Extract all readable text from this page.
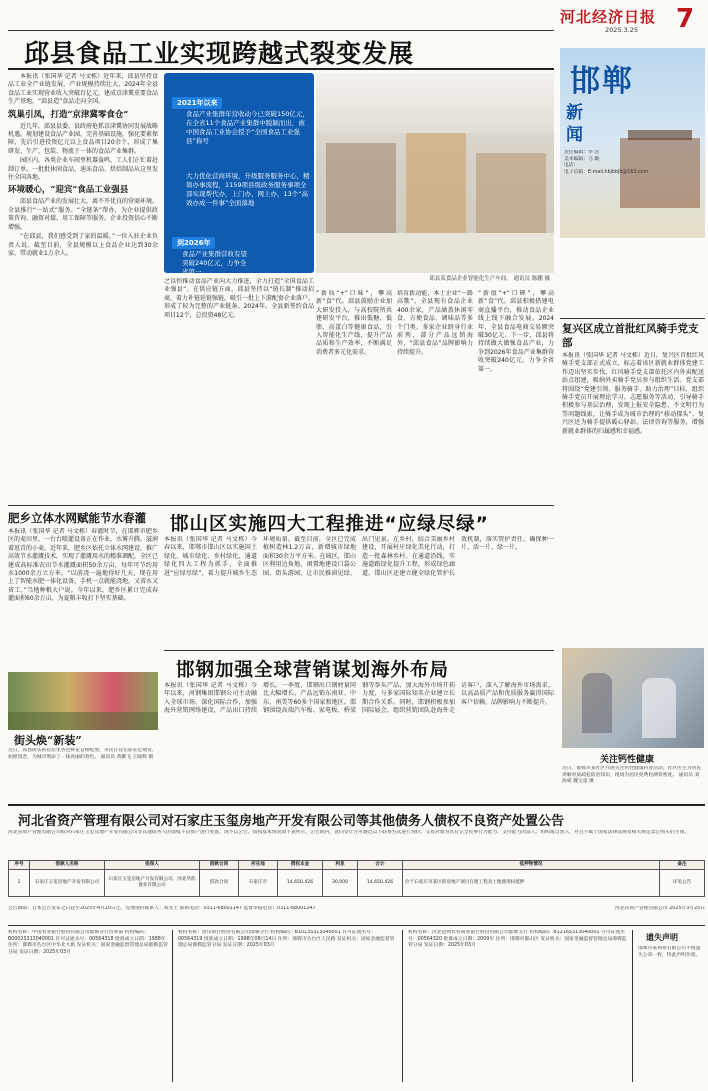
河北经济日报
2025.3.25 7
邱县食品工业实现跨越式裂变发展

本报讯（张国华 记者 马文栋）近年来，邱县坚持食品工业全产业链发展，产业规模持续壮大，2024年全县食品工业实现营业收入突破百亿元，建成京津冀重要食品生产基地，“邱县造”食品走向全国。

筑巢引凤，打造“京津冀零食仓”

近几年，邱县县委、县政府抢抓京津冀协同发展战略机遇，规划建设食品产业园，完善基础设施，强化要素保障，先后引进投资亿元以上食品项目20余个，形成了集研发、生产、包装、物流于一体的食品产业集群。

园区内，各类企业车间里机器轰鸣，工人们正忙着赶制订单。一批批休闲食品、速冻食品、烘焙制品从这里发往全国各地。

环境暖心，“迎宾”食品工业强县

邱县食品产业的发展壮大，离不开优良的营商环境。全县推行“一站式”服务、“全链条”帮办，为企业提供政策咨询、融资对接、用工保障等服务。企业投资信心不断增强。

“在邱县，我们感受到了家的温暖。”一位入驻企业负责人说。截至目前，全县规模以上食品企业达到30余家，带动就业1万余人。

2021年以来
食品产业集群年营收动今已突破150亿元，在全省11个食品产业集群中脱颖而出，被中国食品工业协会授予“全国食品工业强县”称号
大力优化营商环境，升级服务服务中心，精简办事流程，1159项县级政务服务事项全部实现帮代办，上门办、网上办，13个“高效办成一件事”全面落地
到2026年
食品产业集群营收有望突破240亿元，力争全省第一
邱县某食品企业智能化生产车间。 通讯员 陈鹏 摄
之以恒推动食品产业向大力推进，全力打造“全国食品工业强县”。在供应链方面，邱县坚持以“链长制”推动招商，着力补链延链强链，吸引一批上下游配套企业落户，形成了较为完整的产业链条。2024年，全县新签约食品项目12个，总投资48亿元。
“新质”+“口味”，攀高新“食”代。邱县鼓励企业加大研发投入，与高校院所共建研发平台，推出低糖、低脂、高蛋白等健康食品，引入智能化生产线，提升产品品质和生产效率，不断满足消费者多元化需求。
培育新动能，本土企业“一路高歌”。全县现有食品企业400余家，产品涵盖休闲零食、方便食品、调味品等多个门类，多家企业跻身行业前列，部分产品远销海外，“邱县食品”品牌影响力持续提升。
“新值”+“口碑”，攀高新“食”代。邱县积极搭建电商直播平台，推动食品企业线上线下融合发展。2024年，全县食品电商交易额突破30亿元。下一步，邱县将持续做大做强食品产业，力争到2026年食品产业集群营收突破240亿元，力争全省第一。
邯郸
新闻
责任编辑：李 达
美术编辑：马 璐
电话：
电子信箱：E-mail.hbjbbjb@163.com
复兴区成立首批红风骑手党支部
本报讯（张国华 记者 马文栋）近日，复兴区首批红风骑手党支部正式成立，标志着该区新就业群体党建工作迈出坚实步伐。红风骑手党支部依托区内外卖配送站点组建，吸纳外卖骑手党员参与组织生活。党支部将围绕“党建引领、服务骑手、助力治理”目标，组织骑手党员开展理论学习、志愿服务等活动，引导骑手积极参与基层治理，发现上报安全隐患、不文明行为等问题线索，让骑手成为城市治理的“移动探头”。复兴区还为骑手提供暖心驿站、法律咨询等服务，增强新就业群体的归属感和幸福感。
关注钙性健康
近日，邯郸市某社区开展关注钙性健康科普活动，社区医生为居民讲解骨质疏松防治知识，现场为居民免费检测骨密度。 通讯员 刘海威 魏宝童 摄
肥乡立体水网赋能节水春灌
本报讯（张国华 记者 马文栋）春灌时节，在邯郸市肥乡区的麦田里，一台台喷灌设备正在作业，水雾升腾，滋润着返青的小麦。近年来，肥乡区依托立体水网建设，推广高效节水灌溉技术，实现了灌溉用水的精准调配。全区已建成高标准农田节水灌溉面积50余万亩，每年可节约用水1000余万立方米。“以前浇一遍地得好几天，现在用上了智能水肥一体化设备，手机一点就能浇地，又省水又省工。”当地种粮大户说。今年以来，肥乡区累计完成春灌面积60余万亩，为夏粮丰收打下坚实基础。
街头焕“新装”
近日，邱县街头的花坛里各色鲜花竞相绽放，市民在花坛前驻足观赏、拍照留念，为城市增添了一抹亮丽的春色。 通讯员 黄鹏飞 王晓辉 摄
邯山区实施四大工程推进“应绿尽绿”
本报讯（张国华 记者 马文栋）今春以来，邯郸市邯山区以实施国土绿化、城市绿化、乡村绿化、通道绿化四大工程为抓手，全面推进“应绿尽绿”，着力提升城乡生态环境质量。截至目前，全区已完成植树造林1.2万亩，新增城市绿地面积30余万平方米。在城区，邯山区利用边角地、闲置地建设口袋公园、街头游园，让市民推窗见绿、出门见景。在乡村，结合美丽乡村建设，开展村庄绿化美化行动，打造一批森林乡村。在通道沿线，实施道路绿化提升工程，形成绿色廊道。邯山区还建立健全绿化管护长效机制，落实管护责任，确保种一片、活一片、绿一片。
邯钢加强全球营销谋划海外布局
本报讯（张国华 记者 马文栋）今年以来，河钢集团邯钢公司主动融入全球市场，深化国际合作，加强海外营销网络建设，产品出口持续增长。一季度，邯钢出口钢材量同比大幅增长，产品远销东南亚、中东、南美等60多个国家和地区。邯钢围绕高端汽车板、家电板、桥梁钢等拳头产品，加大海外市场开拓力度，与多家国际知名企业建立长期合作关系。同时，邯钢积极参加国际展会，组织营销团队赴海外走访客户，深入了解海外市场需求，以高品质产品和优质服务赢得国际客户信赖，品牌影响力不断提升。
河北省资产管理有限公司对石家庄玉玺房地产开发有限公司等其他债务人债权不良资产处置公告
河北省资产管理有限公司拟对石家庄玉玺房地产开发有限公司等其他债务人的债权不良资产进行处置，现予以公告。债权基本情况如下表所示，公告期内，意向受让方可通过以下联系方式进行询价。交易对象为具有完全民事行为能力、支付能力的法人、组织或自然人，并且不属于国家法律法规及相关规定禁止购买的主体。
序号	借款人名称	担保人	借款合同	所在地	债权本金	利息	合计	抵押物情况	备注
1	石家庄玉玺房地产开发有限公司	石家庄玉玺房地产开发有限公司、河北华韵置业有限公司	借款合同	石家庄市	14,650,426	30,000	14,650,426	位于石家庄市某区的房地产项目在建工程及土地使用权抵押	详见公告
公告期限：自本公告发布之日起至2025年4月20日止。受理询价联系人：刘女士 联系电话：0311-68001147 监督举报电话：0311-68001247	河北省资产管理有限公司 2025年3月25日
机构名称：中国农业银行股份有限公司邯郸分行营业部 机构编码：B0002S313040001 许可证流水号：00564318 批准成立日期：1988年 住所：邯郸市丛台区中华北大街 发证机关：国家金融监督管理总局邯郸监管分局 发证日期：2025年03月
机构名称：唐山银行股份有限公司邯郸分行 机构编码：B1013S313040001 许可证流水号：00564319 批准成立日期：1998年08月14日 住所：邯郸市丛台区人民路 发证机关：国家金融监督管理总局邯郸监管分局 发证日期：2025年03月
机构名称：河北沧州农村商业银行股份有限公司邯郸支行 机构编码：B1216S313040001 许可证流水号：00564320 批准成立日期：2009年 住所：邯郸市邯山区 发证机关：国家金融监督管理总局邯郸监管分局 发证日期：2025年03月
遗失声明
邯郸市某商贸有限公司不慎遗失公章一枚，特此声明作废。
